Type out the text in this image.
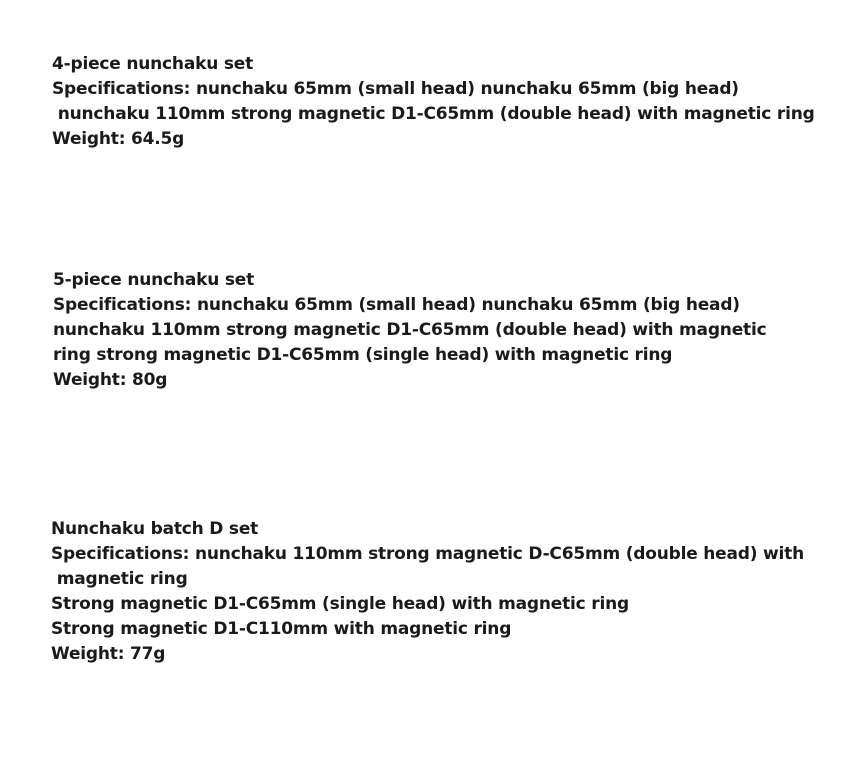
4-piece nunchaku set
Specifications: nunchaku 65mm (small head) nunchaku 65mm (big head)
nunchaku 110mm strong magnetic D1-C65mm (double head) with magnetic ring
Weight: 64.5g
5-piece nunchaku set
Specifications: nunchaku 65mm (small head) nunchaku 65mm (big head)
nunchaku 110mm strong magnetic D1-C65mm (double head) with magnetic
ring strong magnetic D1-C65mm (single head) with magnetic ring
Weight: 80g
Nunchaku batch D set
Specifications: nunchaku 110mm strong magnetic D-C65mm (double head) with
magnetic ring
Strong magnetic D1-C65mm (single head) with magnetic ring
Strong magnetic D1-C110mm with magnetic ring
Weight: 77g
